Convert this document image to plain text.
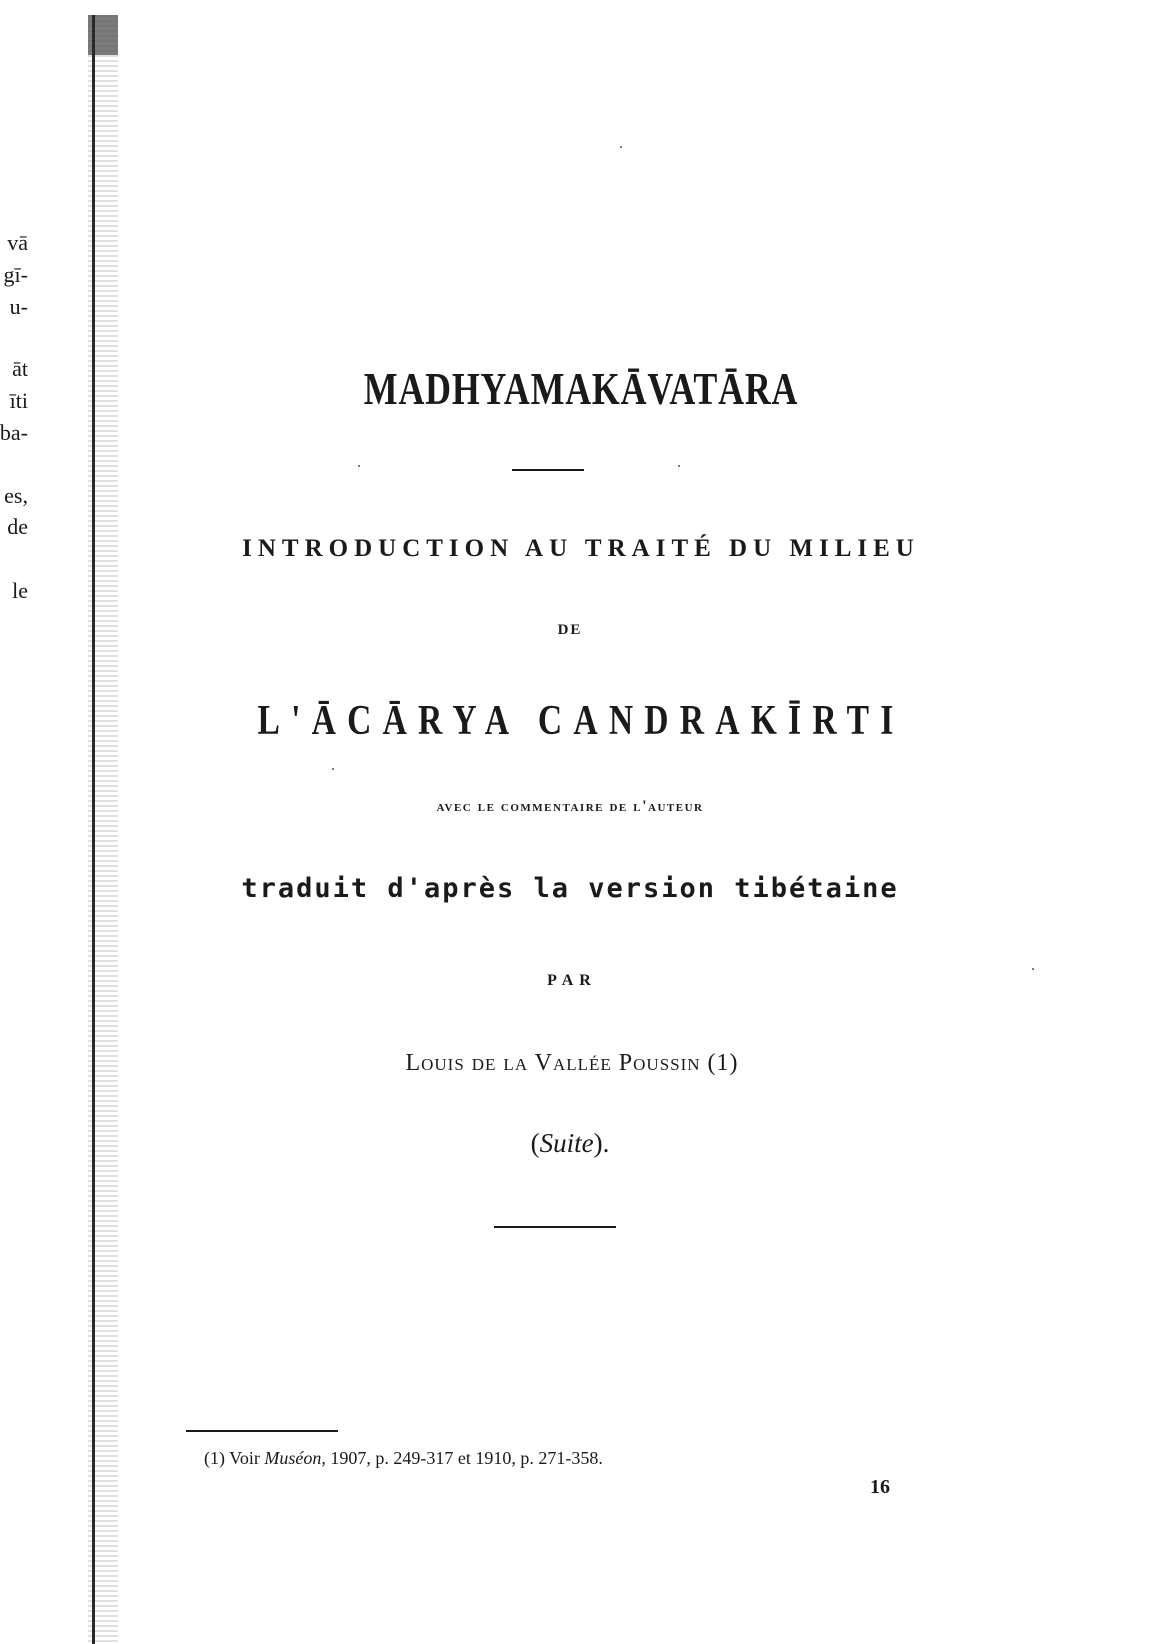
vā
gī-
u-
āt
īti
ba-
es,
de
le
MADHYAMAKĀVATĀRA
INTRODUCTION AU TRAITÉ DU MILIEU
DE
L'ĀCĀRYA CANDRAKĪRTI
avec le commentaire de l'auteur
traduit d'après la version tibétaine
PAR
Louis de la Vallée Poussin (1)
(Suite).
(1) Voir Muséon, 1907, p. 249-317 et 1910, p. 271-358.
16
